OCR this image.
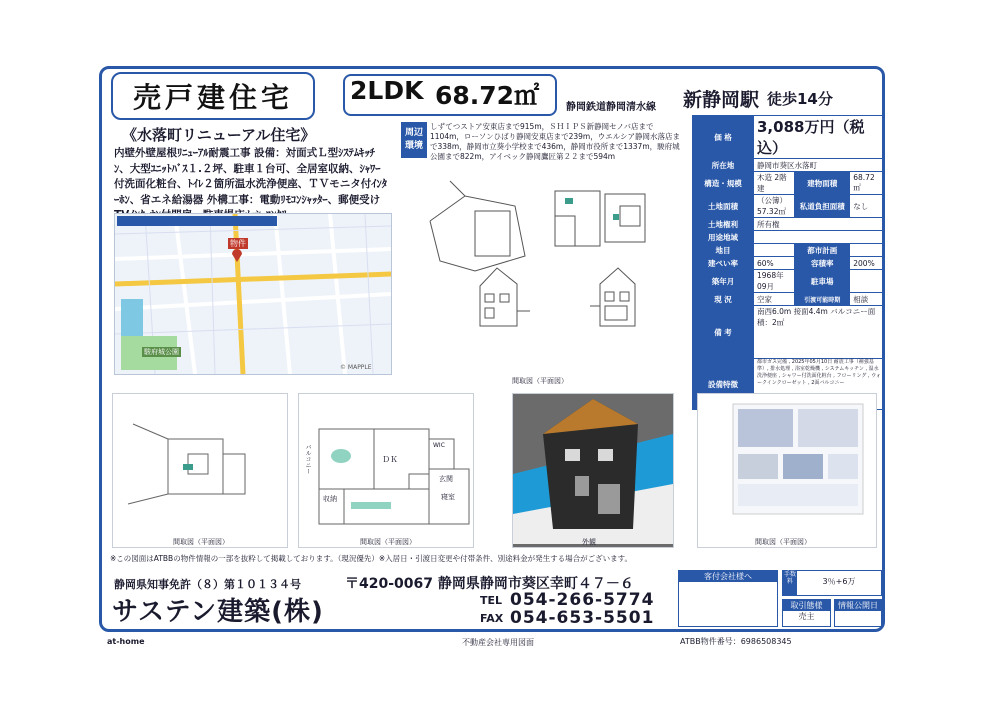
売戸建住宅	2LDK 68.72㎡	静岡鉄道静岡清水線 新静岡駅 徒歩14分
《水落町リニューアル住宅》
内壁外壁屋根ﾘﾆｭｰｱﾙ耐震工事 設備：対面式Ｌ型ｼｽﾃﾑｷｯﾁﾝ、大型ﾕﾆｯﾄﾊﾞｽ１.２坪、駐車１台可、全居室収納、ｼｬﾜｰ付洗面化粧台、ﾄｲﾚ２箇所温水洗浄便座、ＴＶモニタ付ｲﾝﾀｰﾎﾝ、省エネ給湯器 外構工事：電動ﾘﾓｺﾝｼｬｯﾀｰ、郵便受け
駿府城公園
物件
© MAPPLE
周辺
環境
しずてつストア安東店まで915m，ＳＨＩＰＳ新静岡セノバ店まで1104m，ローソンひばり静岡安東店まで239m，ウエルシア静岡水落店まで338m，静岡市立葵小学校まで436m，静岡市役所まで1337m，駿府城公園まで822m，アイベック静岡鷹匠第２２まで594m
間取図（平面図）
価 格	3,088万円（税込）		
所在地	静岡市葵区水落町		
構造・規模	木造 2階建	建物面積	68.72㎡
土地面積	（公簿）57.32㎡	私道負担面積	なし
土地権利	所有権		
用途地域			
地目		都市計画	
建ぺい率	60%	容積率	200%
築年月	1968年09月	駐車場	
現 況	空家	引渡可能時期	相談
備 考	南西6.0m 接面4.4m バルコニー面積：2㎡		
設備特徴	都市ガス完備 , 2025年05月10日 耐震工事（補強基準）, 排水処理 , 浴室乾燥機 , システムキッチン , 温水洗浄便座 , シャワー付洗面化粧台 , フローリング , ウォークインクローゼット , 2面バルコニー		
ＤＫ
収納
玄関
寝室
バルコニー	WIC
間取図（平面図）	間取図（平面図）	外観	間取図（平面図）
※この図面はATBBの物件情報の一部を抜粋して掲載しております。（現況優先）※入居日・引渡日変更や付帯条件、別途料金が発生する場合がございます。
静岡県知事免許（８）第１０１３４号
サステン建築(株)
〒420-0067 静岡県静岡市葵区幸町４７－６
TEL 054-266-5774
FAX 054-653-5501
客付会社様へ	手数料	3％+6万
取引態様
売主
情報公開日
at-home	不動産会社専用図面	ATBB物件番号：6986508345
